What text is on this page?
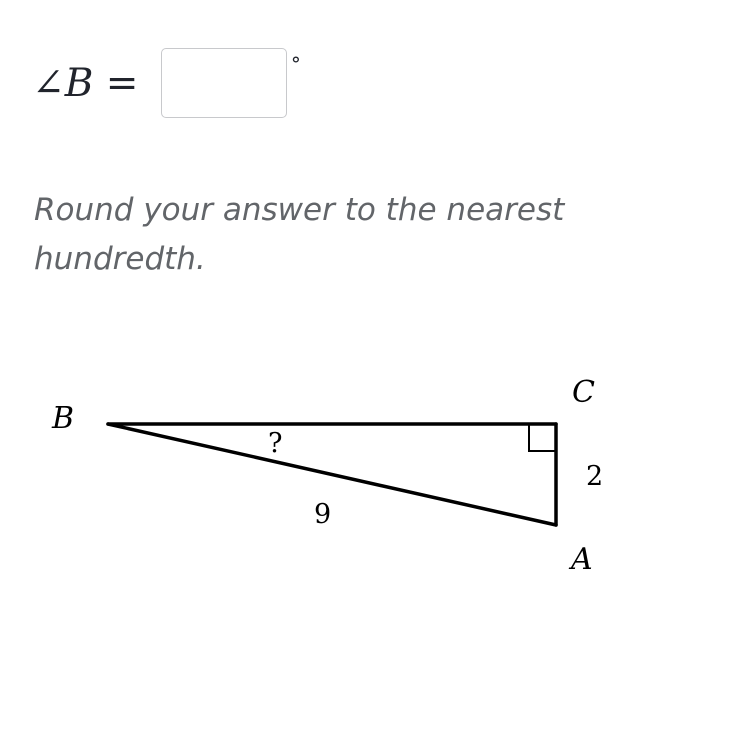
∠B =	°

Round your answer to the nearest hundredth.

B
C
A
?
9
2
